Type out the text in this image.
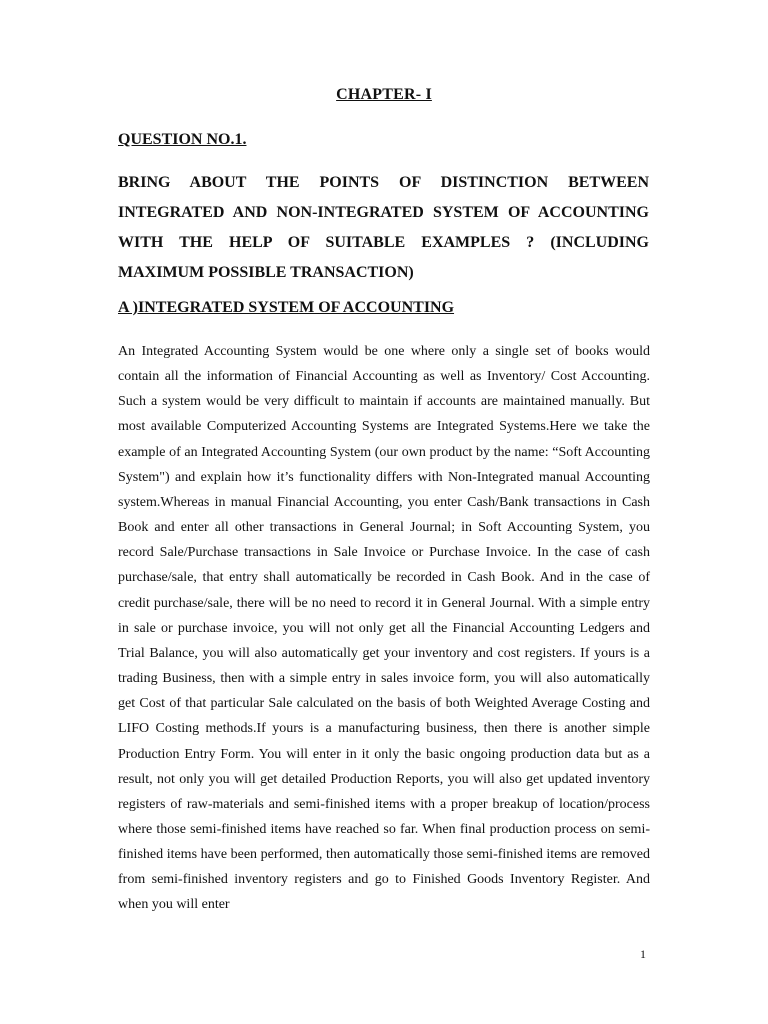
CHAPTER- I
QUESTION NO.1.
BRING ABOUT THE POINTS OF DISTINCTION BETWEEN INTEGRATED AND NON-INTEGRATED SYSTEM OF ACCOUNTING WITH THE HELP OF SUITABLE EXAMPLES ? (INCLUDING MAXIMUM POSSIBLE TRANSACTION)
A )INTEGRATED SYSTEM OF ACCOUNTING
An Integrated Accounting System would be one where only a single set of books would contain all the information of Financial Accounting as well as Inventory/ Cost Accounting. Such a system would be very difficult to maintain if accounts are maintained manually. But most available Computerized Accounting Systems are Integrated Systems.Here we take the example of an Integrated Accounting System (our own product by the name: “Soft Accounting System") and explain how it’s functionality differs with Non-Integrated manual Accounting system.Whereas in manual Financial Accounting, you enter Cash/Bank transactions in Cash Book and enter all other transactions in General Journal; in Soft Accounting System, you record Sale/Purchase transactions in Sale Invoice or Purchase Invoice. In the case of cash purchase/sale, that entry shall automatically be recorded in Cash Book. And in the case of credit purchase/sale, there will be no need to record it in General Journal. With a simple entry in sale or purchase invoice, you will not only get all the Financial Accounting Ledgers and Trial Balance, you will also automatically get your inventory and cost registers. If yours is a trading Business, then with a simple entry in sales invoice form, you will also automatically get Cost of that particular Sale calculated on the basis of both Weighted Average Costing and LIFO Costing methods.If yours is a manufacturing business, then there is another simple Production Entry Form. You will enter in it only the basic ongoing production data but as a result, not only you will get detailed Production Reports, you will also get updated inventory registers of raw-materials and semi-finished items with a proper breakup of location/process where those semi-finished items have reached so far. When final production process on semi-finished items have been performed, then automatically those semi-finished items are removed from semi-finished inventory registers and go to Finished Goods Inventory Register. And when you will enter
1
